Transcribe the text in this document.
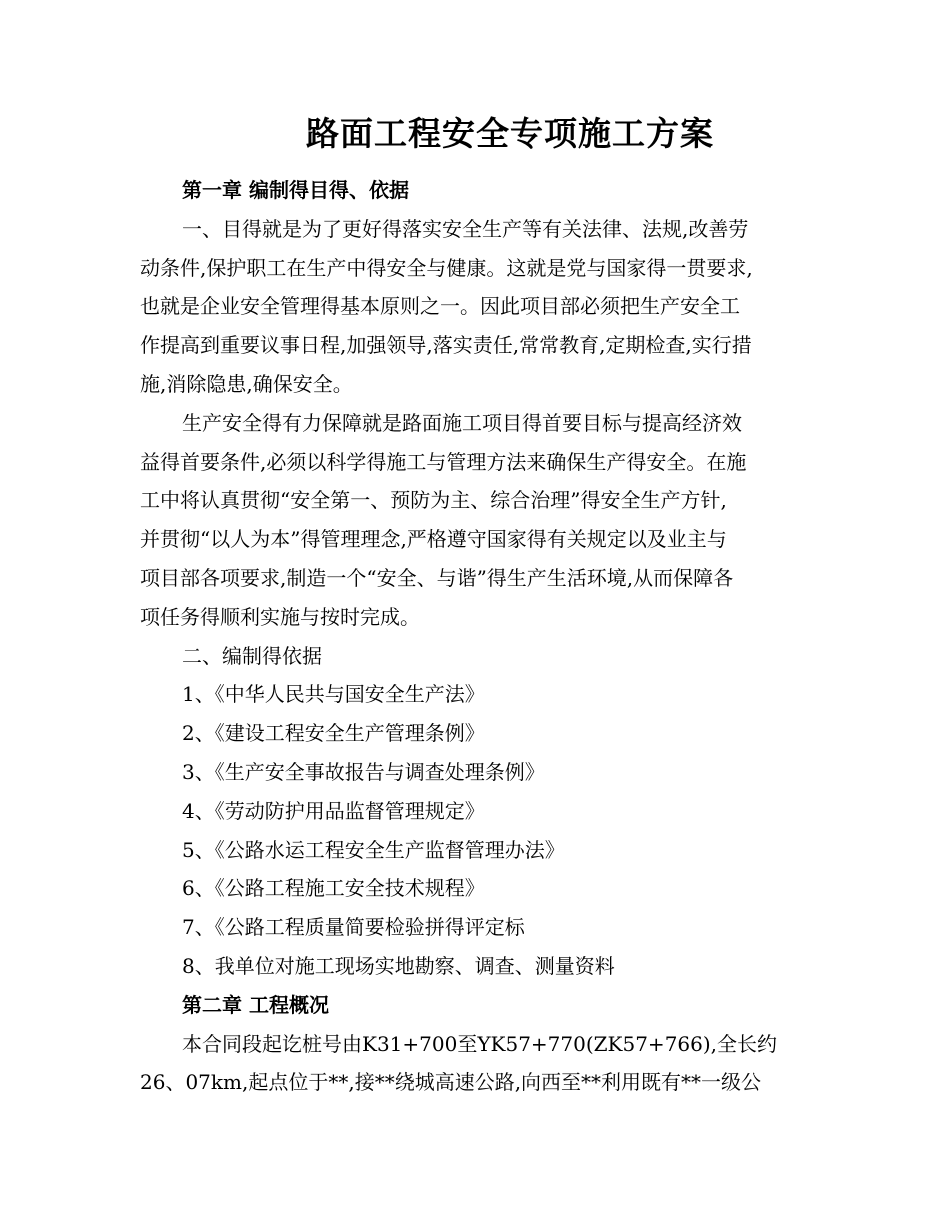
路面工程安全专项施工方案

第一章 编制得目得、依据

一、目得就是为了更好得落实安全生产等有关法律、法规,改善劳
动条件,保护职工在生产中得安全与健康。这就是党与国家得一贯要求,
也就是企业安全管理得基本原则之一。因此项目部必须把生产安全工
作提高到重要议事日程,加强领导,落实责任,常常教育,定期检查,实行措
施,消除隐患,确保安全。

生产安全得有力保障就是路面施工项目得首要目标与提高经济效
益得首要条件,必须以科学得施工与管理方法来确保生产得安全。在施
工中将认真贯彻“安全第一、预防为主、综合治理”得安全生产方针,
并贯彻“以人为本”得管理理念,严格遵守国家得有关规定以及业主与
项目部各项要求,制造一个“安全、与谐”得生产生活环境,从而保障各
项任务得顺利实施与按时完成。

二、编制得依据

1、《中华人民共与国安全生产法》

2、《建设工程安全生产管理条例》

3、《生产安全事故报告与调查处理条例》

4、《劳动防护用品监督管理规定》

5、《公路水运工程安全生产监督管理办法》

6、《公路工程施工安全技术规程》

7、《公路工程质量简要检验拼得评定标

8、我单位对施工现场实地勘察、调查、测量资料

第二章 工程概况

本合同段起讫桩号由K31+700至YK57+770(ZK57+766),全长约
26、07km,起点位于**,接**绕城高速公路,向西至**利用既有**一级公
